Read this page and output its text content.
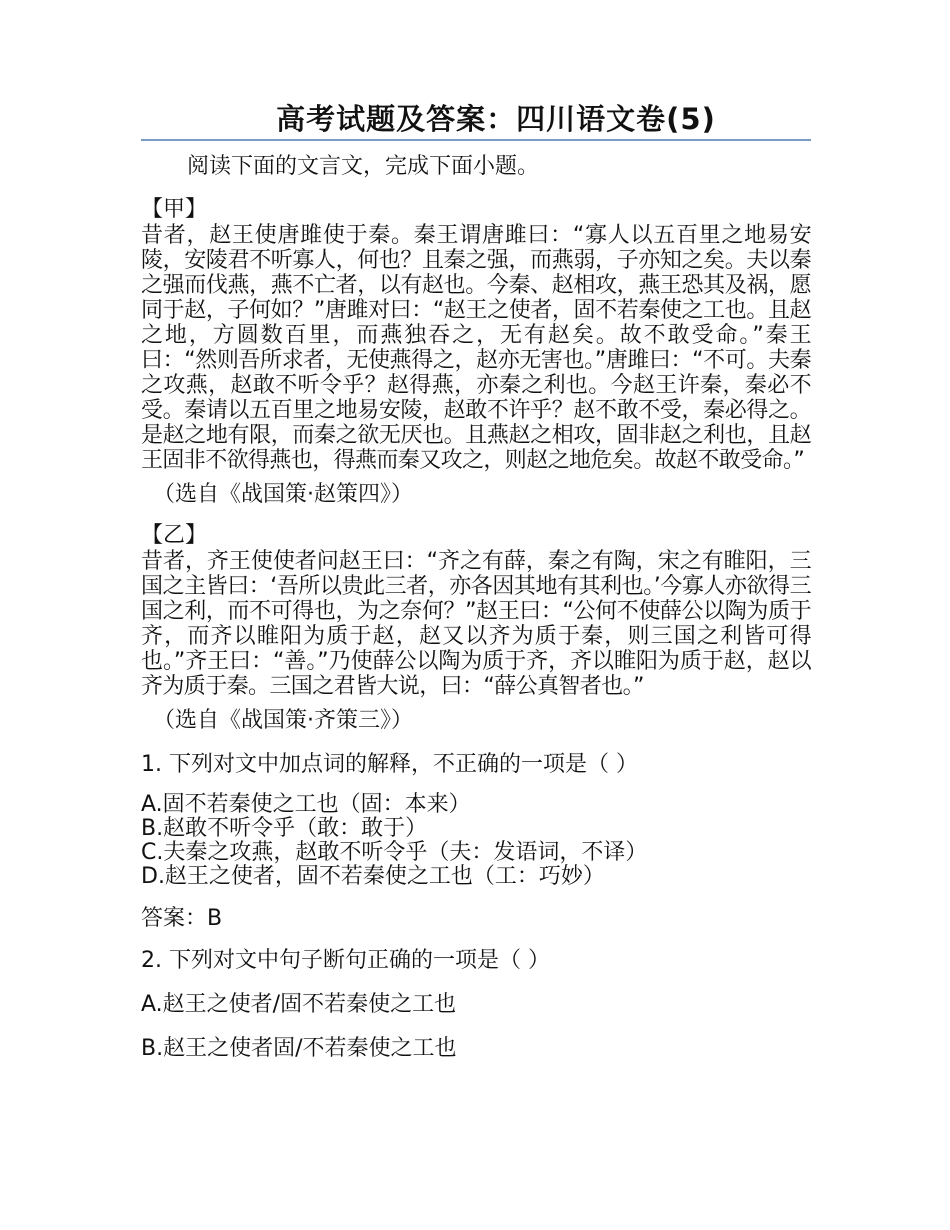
高考试题及答案：四川语文卷(5)

阅读下面的文言文，完成下面小题。

【甲】

昔者，赵王使唐雎使于秦。秦王谓唐雎曰：“寡人以五百里之地易安陵，安陵君不听寡人，何也？且秦之强，而燕弱，子亦知之矣。夫以秦之强而伐燕，燕不亡者，以有赵也。今秦、赵相攻，燕王恐其及祸，愿同于赵，子何如？”唐雎对曰：“赵王之使者，固不若秦使之工也。且赵之地，方圆数百里，而燕独吞之，无有赵矣。故不敢受命。”秦王曰：“然则吾所求者，无使燕得之，赵亦无害也。”唐雎曰：“不可。夫秦之攻燕，赵敢不听令乎？赵得燕，亦秦之利也。今赵王许秦，秦必不受。秦请以五百里之地易安陵，赵敢不许乎？赵不敢不受，秦必得之。是赵之地有限，而秦之欲无厌也。且燕赵之相攻，固非赵之利也，且赵王固非不欲得燕也，得燕而秦又攻之，则赵之地危矣。故赵不敢受命。”

（选自《战国策·赵策四》）

【乙】

昔者，齐王使使者问赵王曰：“齐之有薛，秦之有陶，宋之有睢阳，三国之主皆曰：‘吾所以贵此三者，亦各因其地有其利也。’今寡人亦欲得三国之利，而不可得也，为之奈何？”赵王曰：“公何不使薛公以陶为质于齐，而齐以睢阳为质于赵，赵又以齐为质于秦，则三国之利皆可得也。”齐王曰：“善。”乃使薛公以陶为质于齐，齐以睢阳为质于赵，赵以齐为质于秦。三国之君皆大说，曰：“薛公真智者也。”

（选自《战国策·齐策三》）

1. 下列对文中加点词的解释，不正确的一项是（ ）

A.固不若秦使之工也（固：本来）
B.赵敢不听令乎（敢：敢于）
C.夫秦之攻燕，赵敢不听令乎（夫：发语词，不译）
D.赵王之使者，固不若秦使之工也（工：巧妙）

答案：B

2. 下列对文中句子断句正确的一项是（ ）

A.赵王之使者/固不若秦使之工也

B.赵王之使者固/不若秦使之工也
